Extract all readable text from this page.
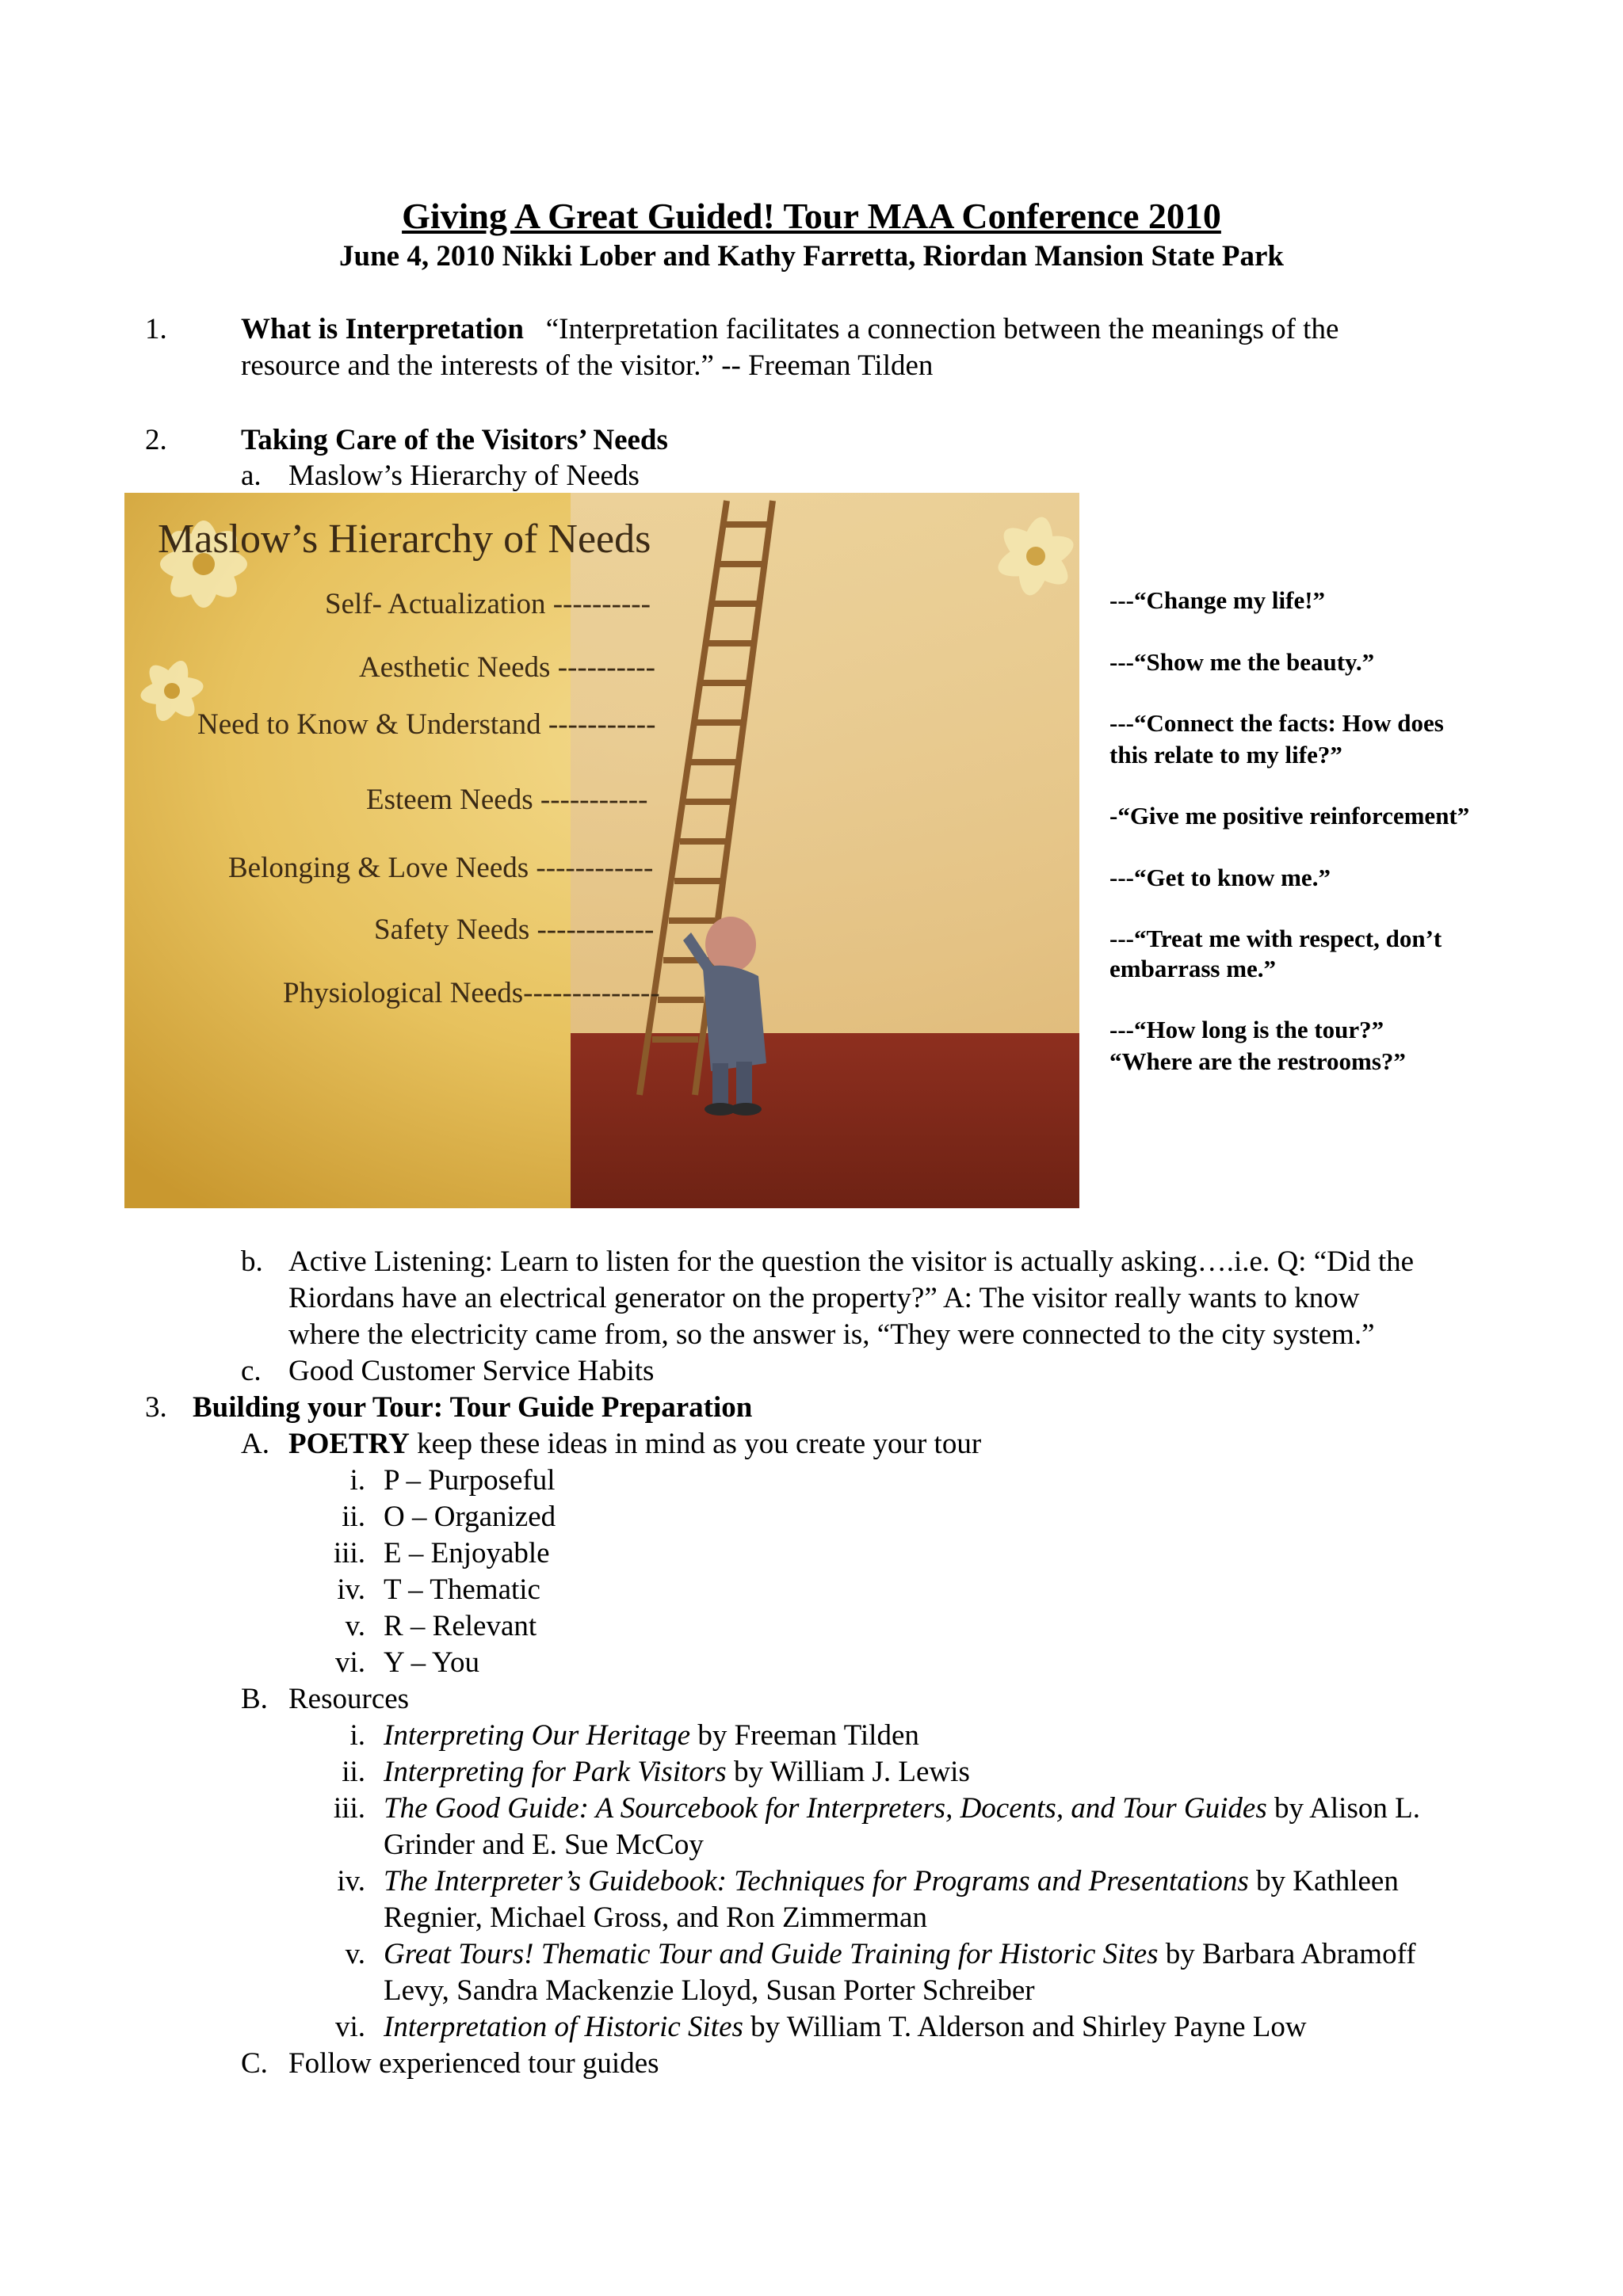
Giving A Great Guided! Tour MAA Conference 2010
June 4, 2010 Nikki Lober and Kathy Farretta, Riordan Mansion State Park
1.	What is Interpretation “Interpretation facilitates a connection between the meanings of the
resource and the interests of the visitor.” -- Freeman Tilden
2.	Taking Care of the Visitors’ Needs
a. Maslow’s Hierarchy of Needs
Maslow’s Hierarchy of Needs
Self- Actualization ----------
Aesthetic Needs ----------
Need to Know & Understand -----------
Esteem Needs -----------
Belonging & Love Needs ------------
Safety Needs ------------
Physiological Needs--------------
---“Change my life!”
---“Show me the beauty.”
---“Connect the facts: How does
this relate to my life?”
-“Give me positive reinforcement”
---“Get to know me.”
---“Treat me with respect, don’t
embarrass me.”
---“How long is the tour?”
“Where are the restrooms?”
b. Active Listening: Learn to listen for the question the visitor is actually asking….i.e. Q: “Did the
Riordans have an electrical generator on the property?” A: The visitor really wants to know
where the electricity came from, so the answer is, “They were connected to the city system.”
c. Good Customer Service Habits
3. Building your Tour: Tour Guide Preparation
A. POETRY keep these ideas in mind as you create your tour
i. P – Purposeful
ii. O – Organized
iii. E – Enjoyable
iv. T – Thematic
v. R – Relevant
vi. Y – You
B. Resources
i. Interpreting Our Heritage by Freeman Tilden
ii. Interpreting for Park Visitors by William J. Lewis
iii. The Good Guide: A Sourcebook for Interpreters, Docents, and Tour Guides by Alison L.
Grinder and E. Sue McCoy
iv. The Interpreter’s Guidebook: Techniques for Programs and Presentations by Kathleen
Regnier, Michael Gross, and Ron Zimmerman
v. Great Tours! Thematic Tour and Guide Training for Historic Sites by Barbara Abramoff
Levy, Sandra Mackenzie Lloyd, Susan Porter Schreiber
vi. Interpretation of Historic Sites by William T. Alderson and Shirley Payne Low
C. Follow experienced tour guides
